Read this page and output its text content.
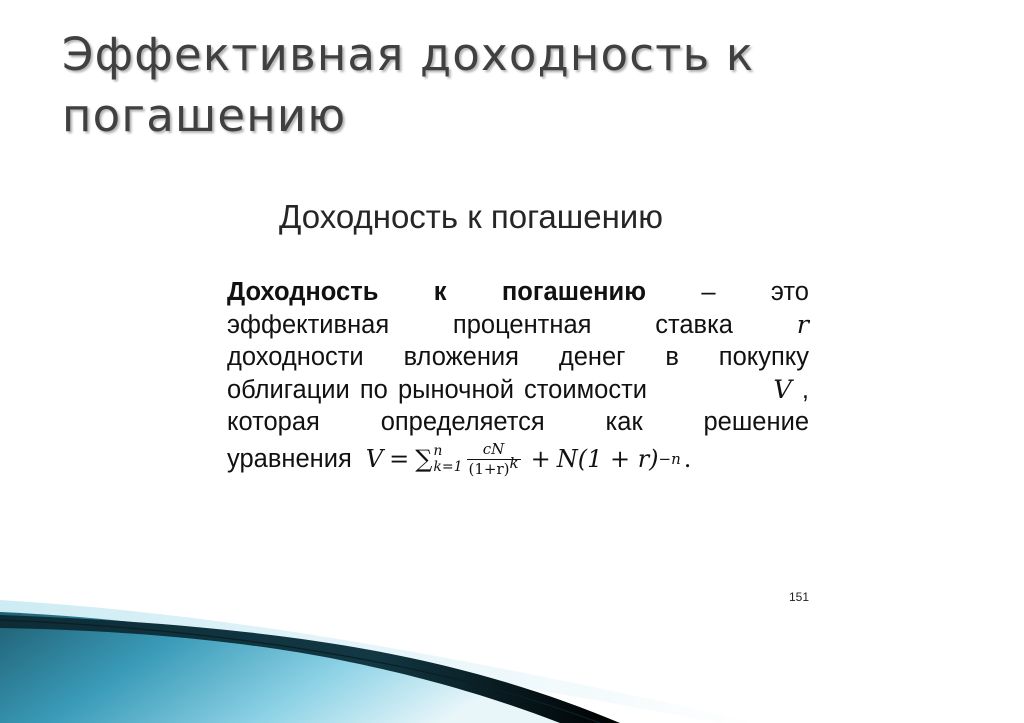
Эффективная доходность к
погашению
Доходность к погашению
Доходность к погашению – это
эффективная	процентная	ставка	r
доходности вложения денег в покупку
облигации по рыночной стоимости	V ,
которая определяется как решение
уравнения V = ∑ n
$k=1 \frac{cN}{(1+r)k} + N(1 + r) -n$ .
151
